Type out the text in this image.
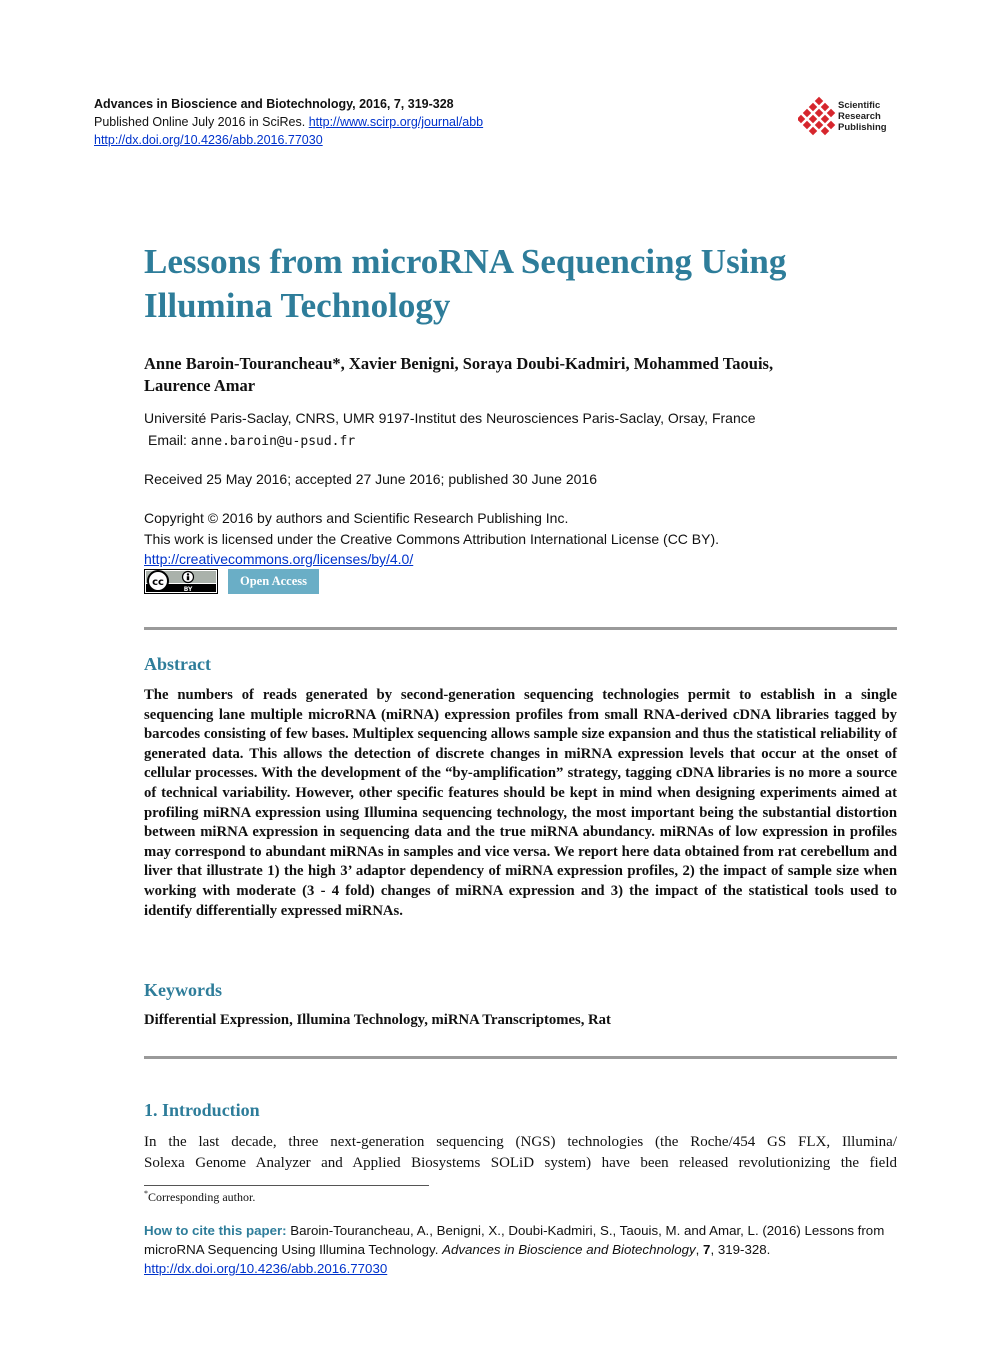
Advances in Bioscience and Biotechnology, 2016, 7, 319-328
Published Online July 2016 in SciRes. http://www.scirp.org/journal/abb
http://dx.doi.org/10.4236/abb.2016.77030
Scientific
Research
Publishing
Lessons from microRNA Sequencing Using
Illumina Technology
Anne Baroin-Tourancheau*, Xavier Benigni, Soraya Doubi-Kadmiri, Mohammed Taouis,
Laurence Amar
Université Paris-Saclay, CNRS, UMR 9197-Institut des Neurosciences Paris-Saclay, Orsay, France
Email: anne.baroin@u-psud.fr
Received 25 May 2016; accepted 27 June 2016; published 30 June 2016
Copyright © 2016 by authors and Scientific Research Publishing Inc.
This work is licensed under the Creative Commons Attribution International License (CC BY).
http://creativecommons.org/licenses/by/4.0/
cc
BY
Open Access
Abstract
The numbers of reads generated by second-generation sequencing technologies permit to establish in a single sequencing lane multiple microRNA (miRNA) expression profiles from small RNA-derived cDNA libraries tagged by barcodes consisting of few bases. Multiplex sequencing allows sample size expansion and thus the statistical reliability of generated data. This allows the detection of discrete changes in miRNA expression levels that occur at the onset of cellular processes. With the development of the “by-amplification” strategy, tagging cDNA libraries is no more a source of technical variability. However, other specific features should be kept in mind when designing experiments aimed at profiling miRNA expression using Illumina sequencing technology, the most important being the substantial distortion between miRNA expression in sequencing data and the true miRNA abundancy. miRNAs of low expression in profiles may correspond to abundant miRNAs in samples and vice versa. We report here data obtained from rat cerebellum and liver that illustrate 1) the high 3’ adaptor dependency of miRNA expression profiles, 2) the impact of sample size when working with moderate (3 - 4 fold) changes of miRNA expression and 3) the impact of the statistical tools used to identify differentially expressed miRNAs.
Keywords
Differential Expression, Illumina Technology, miRNA Transcriptomes, Rat
1. Introduction
In the last decade, three next-generation sequencing (NGS) technologies (the Roche/454 GS FLX, Illumina/
Solexa Genome Analyzer and Applied Biosystems SOLiD system) have been released revolutionizing the field
*Corresponding author.
How to cite this paper: Baroin-Tourancheau, A., Benigni, X., Doubi-Kadmiri, S., Taouis, M. and Amar, L. (2016) Lessons from microRNA Sequencing Using Illumina Technology. Advances in Bioscience and Biotechnology, 7, 319-328.
http://dx.doi.org/10.4236/abb.2016.77030
